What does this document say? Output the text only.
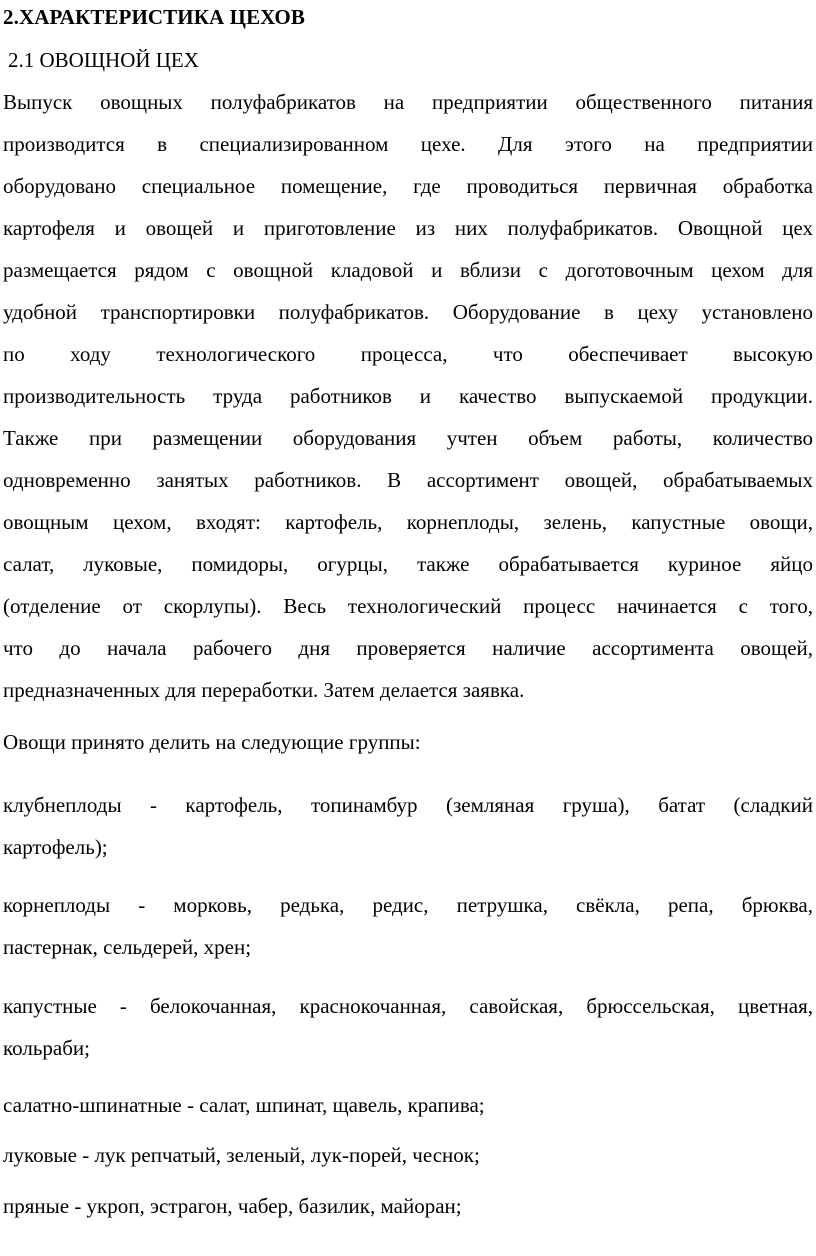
2.ХАРАКТЕРИСТИКА ЦЕХОВ
2.1 ОВОЩНОЙ ЦЕХ
Выпуск овощных полуфабрикатов на предприятии общественного питания
производится в специализированном цехе. Для этого на предприятии
оборудовано специальное помещение, где проводиться первичная обработка
картофеля и овощей и приготовление из них полуфабрикатов. Овощной цех
размещается рядом с овощной кладовой и вблизи с доготовочным цехом для
удобной транспортировки полуфабрикатов. Оборудование в цеху установлено
по ходу технологического процесса, что обеспечивает высокую
производительность труда работников и качество выпускаемой продукции.
Также при размещении оборудования учтен объем работы, количество
одновременно занятых работников. В ассортимент овощей, обрабатываемых
овощным цехом, входят: картофель, корнеплоды, зелень, капустные овощи,
салат, луковые, помидоры, огурцы, также обрабатывается куриное яйцо
(отделение от скорлупы). Весь технологический процесс начинается с того,
что до начала рабочего дня проверяется наличие ассортимента овощей,
предназначенных для переработки. Затем делается заявка.
Овощи принято делить на следующие группы:
клубнеплоды - картофель, топинамбур (земляная груша), батат (сладкий
картофель);
корнеплоды - морковь, редька, редис, петрушка, свёкла, репа, брюква,
пастернак, сельдерей, хрен;
капустные - белокочанная, краснокочанная, савойская, брюссельская, цветная,
кольраби;
салатно-шпинатные - салат, шпинат, щавель, крапива;
луковые - лук репчатый, зеленый, лук-порей, чеснок;
пряные - укроп, эстрагон, чабер, базилик, майоран;
